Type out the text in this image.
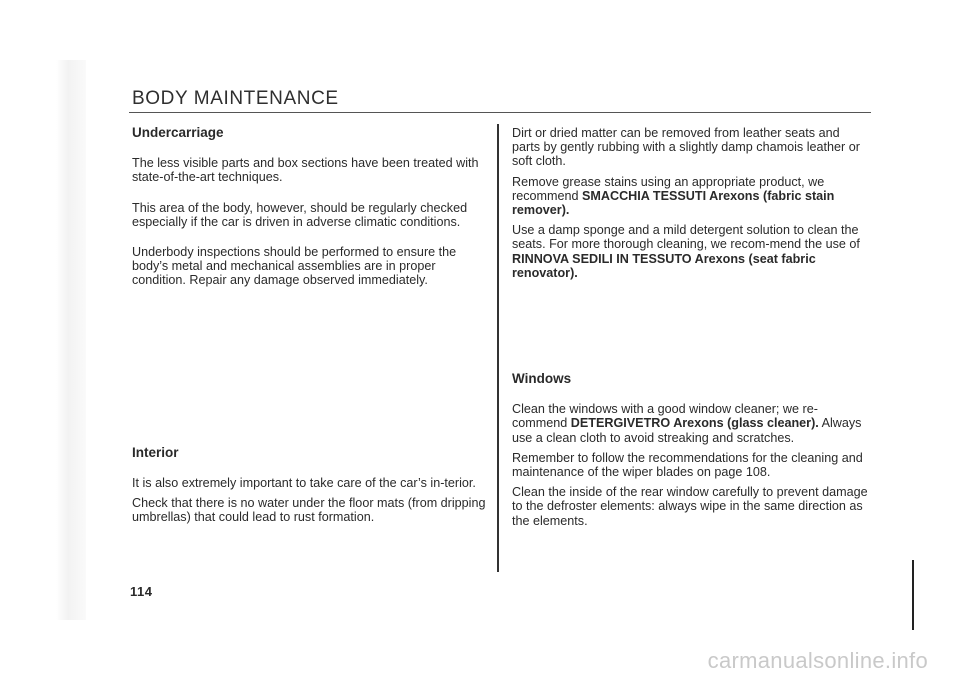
BODY MAINTENANCE

Undercarriage

The less visible parts and box sections have been treated with state-of-the-art techniques.

This area of the body, however, should be regularly checked especially if the car is driven in adverse climatic conditions.

Underbody inspections should be performed to ensure the body’s metal and mechanical assemblies are in proper condition. Repair any damage observed immediately.

Interior

It is also extremely important to take care of the car’s in-terior.

Check that there is no water under the floor mats (from dripping umbrellas) that could lead to rust formation.

Dirt or dried matter can be removed from leather seats and parts by gently rubbing with a slightly damp chamois leather or soft cloth.

Remove grease stains using an appropriate product, we recommend SMACCHIA TESSUTI Arexons (fabric stain remover).

Use a damp sponge and a mild detergent solution to clean the seats. For more thorough cleaning, we recom-mend the use of RINNOVA SEDILI IN TESSUTO Arexons (seat fabric renovator).

Windows

Clean the windows with a good window cleaner; we re-commend DETERGIVETRO Arexons (glass cleaner). Always use a clean cloth to avoid streaking and scratches.

Remember to follow the recommendations for the cleaning and maintenance of the wiper blades on page 108.

Clean the inside of the rear window carefully to prevent damage to the defroster elements: always wipe in the same direction as the elements.

114
carmanualsonline.info
